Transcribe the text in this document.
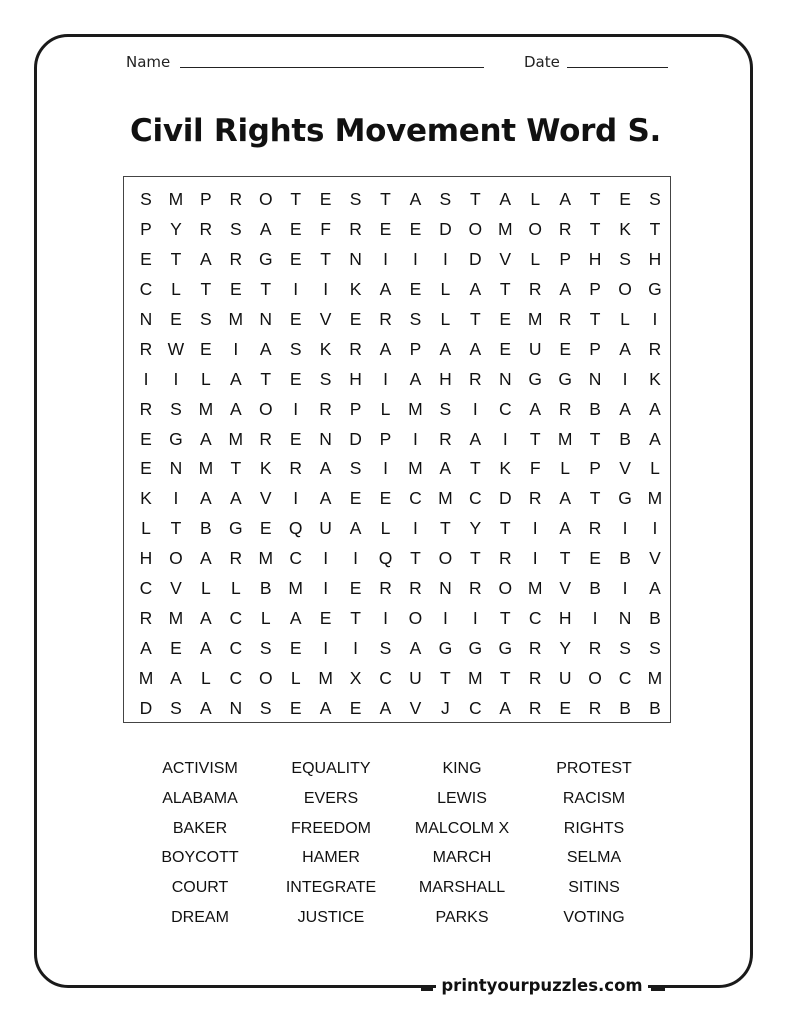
Name	Date
Civil Rights Movement Word S.
S M P	R O	T	E	S	T	A	S	T	A	L	A	T	E	S
P	Y	R	S	A	E	F	R	E	E	D O M O R	T	K	T
E	T	A	R G E	T	N	I	I	I	D	V	L	P	H	S	H
C	L	T	E	T	I	I	K	A	E	L	A	T	R	A	P O G
N	E	S M N	E	V	E	R	S	L	T	E M R	T	L	I
R W E	I	A	S	K	R	A	P	A	A	E	U	E	P	A	R
I	I	L	A	T	E	S	H	I	A	H R N G G N	I	K
R	S M A O	I	R	P	L	M S	I	C	A	R	B	A	A
E G A M R	E	N D	P	I	R	A	I	T M T	B	A
E	N M T	K	R	A	S	I	M A	T	K	F	L	P	V	L
K	I	A	A	V	I	A	E	E	C M C D R	A	T	G M
L	T	B G E Q U	A	L	I	T	Y	T	I	A	R	I	I
H O A	R M C	I	I	Q	T	O	T	R	I	T	E	B	V
C	V	L	L	B M	I	E	R R N R O M V	B	I	A
R M A	C	L	A	E	T	I	O	I	I	T	C H	I	N	B
A	E	A	C	S	E	I	I	S	A G G G R	Y	R	S	S
M A	L	C O	L	M X	C U	T M T	R U O C M
D	S	A	N	S	E	A	E	A	V	J	C	A	R	E	R	B	B
ACTIVISM	EQUALITY	KING	PROTEST
ALABAMA	EVERS	LEWIS	RACISM
BAKER	FREEDOM	MALCOLM X	RIGHTS
BOYCOTT	HAMER	MARCH	SELMA
COURT	INTEGRATE	MARSHALL	SITINS
DREAM	JUSTICE	PARKS	VOTING
printyourpuzzles.com
